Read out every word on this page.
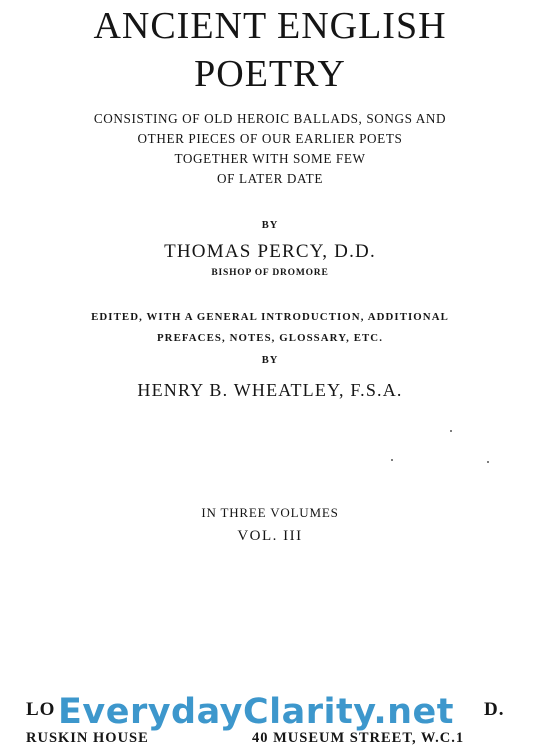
ANCIENT ENGLISH
POETRY
CONSISTING OF OLD HEROIC BALLADS, SONGS AND
OTHER PIECES OF OUR EARLIER POETS
TOGETHER WITH SOME FEW
OF LATER DATE
BY
THOMAS PERCY, D.D.
BISHOP OF DROMORE
EDITED, WITH A GENERAL INTRODUCTION, ADDITIONAL
PREFACES, NOTES, GLOSSARY, ETC.
BY
HENRY B. WHEATLEY, F.S.A.
IN THREE VOLUMES
VOL. III
LO	D.
RUSKIN HOUSE	40 MUSEUM STREET, W.C.1
EverydayClarity.net
